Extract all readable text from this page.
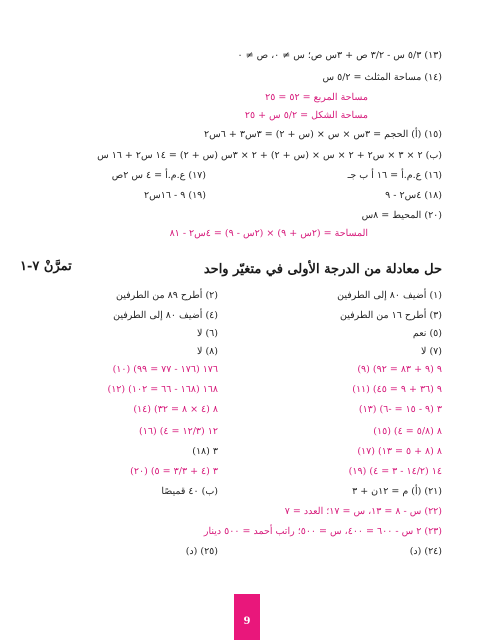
(١٣) ٥/٣ س - ٣/٢ ص + ٣س ص؛ س ≠ ٠، ص ≠ ٠
(١٤) مساحة المثلث = ٥/٢ س
مساحة المربع = ٥٢ = ٢٥
مساحة الشكل = ٥/٢ س + ٢٥
(١٥) (أ) الحجم = ٣س × س × (س + ٢) = ٣س٣ + ٦س٢
(ب) ٢ × ٣ × س٢ + ٢ × س × (س + ٢) + ٢ × ٣س (س + ٢) = ١٤ س٢ + ١٦ س
(١٦) ع.م.أ = ١٦ أ ب جـ
(١٧) ع.م.أ = ٤ س ٢ص
(١٨) ٤س٢ - ٩
(١٩) ٩ - ١٦س٢
(٢٠) المحيط = ٨س
المساحة = (٢س + ٩) × (٢س - ٩) = ٤س٢ - ٨١
حل معادلة من الدرجة الأولى في متغيّر واحد
تمرَّنْ ٧-١
(١) أضيف ٨٠ إلى الطرفين
(٣) أطرح ١٦ من الطرفين
(٥) نعم
(٧) لا
(٩) ٩ (٩ + ٨٣ = ٩٢)
(١١) ٩ (٣٦ + ٩ = ٤٥)
(١٣) ٣ (٩ - ١٥ = -٦)
(١٥) ٨ (٥/٨ = ٤)
(١٧) ٨ (٨ + ٥ = ١٣)
(١٩) ١٤ (١٤/٢ - ٣ = ٤)
(٢١) (أ) م = ١٢ن + ٣
(٢) أطرح ٨٩ من الطرفين
(٤) أضيف ٨٠ إلى الطرفين
(٦) لا
(٨) لا
(١٠) ١٧٦ (١٧٦ - ٧٧ = ٩٩)
(١٢) ١٦٨ (١٦٨ - ٦٦ = ١٠٢)
(١٤) ٨ (٤ × ٨ = ٣٢)
(١٦) ١٢ (١٢/٣ = ٤)
(١٨) ٣
(٢٠) ٣ (٤ + ٣/٣ = ٥)
(ب) ٤٠ قميصًا
(٢٢) س - ٨ = ١٣، س = ١٧؛ العدد = ٧
(٢٣) ٢ س - ٦٠٠ = ٤٠٠، س = ٥٠٠؛ راتب أحمد = ٥٠٠ دينار
(٢٤) (د)
(٢٥) (د)
9
